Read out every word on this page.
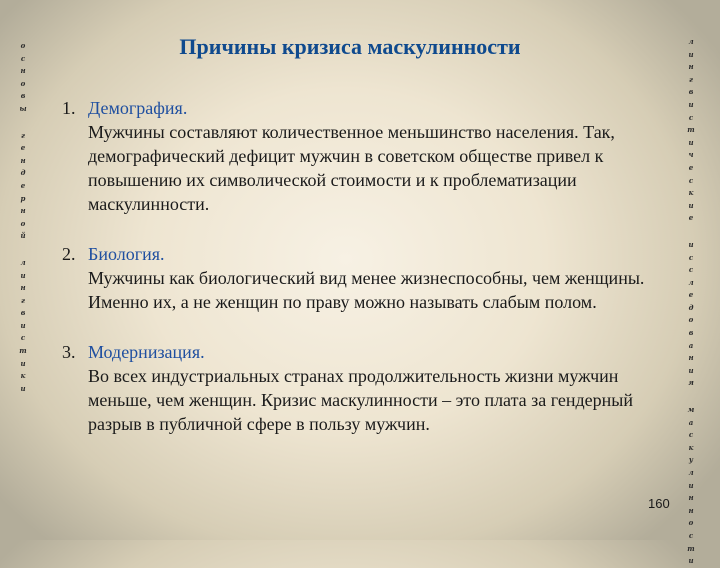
Причины кризиса маскулинности
о
с
н
о
в
ы
г
е
н
д
е
р
н
о
й
л
и
н
г
в
и
с
т
и
к
и
л
и
н
г
в
и
с
т
и
ч
е
с
к
и
е
и
с
с
л
е
д
о
в
а
н
и
я
м
а
с
к
у
л
и
н
н
о
с
т
и
1. Демография.
Мужчины составляют количественное меньшинство населения. Так, демографический дефицит мужчин в советском обществе привел к повышению их символической стоимости и к проблематизации маскулинности.
2. Биология.
Мужчины как биологический вид менее жизнеспособны, чем женщины. Именно их, а не женщин по праву можно называть слабым полом.
3. Модернизация.
Во всех индустриальных странах продолжительность жизни мужчин меньше, чем женщин. Кризис маскулинности – это плата за гендерный разрыв в публичной сфере в пользу мужчин.
160
